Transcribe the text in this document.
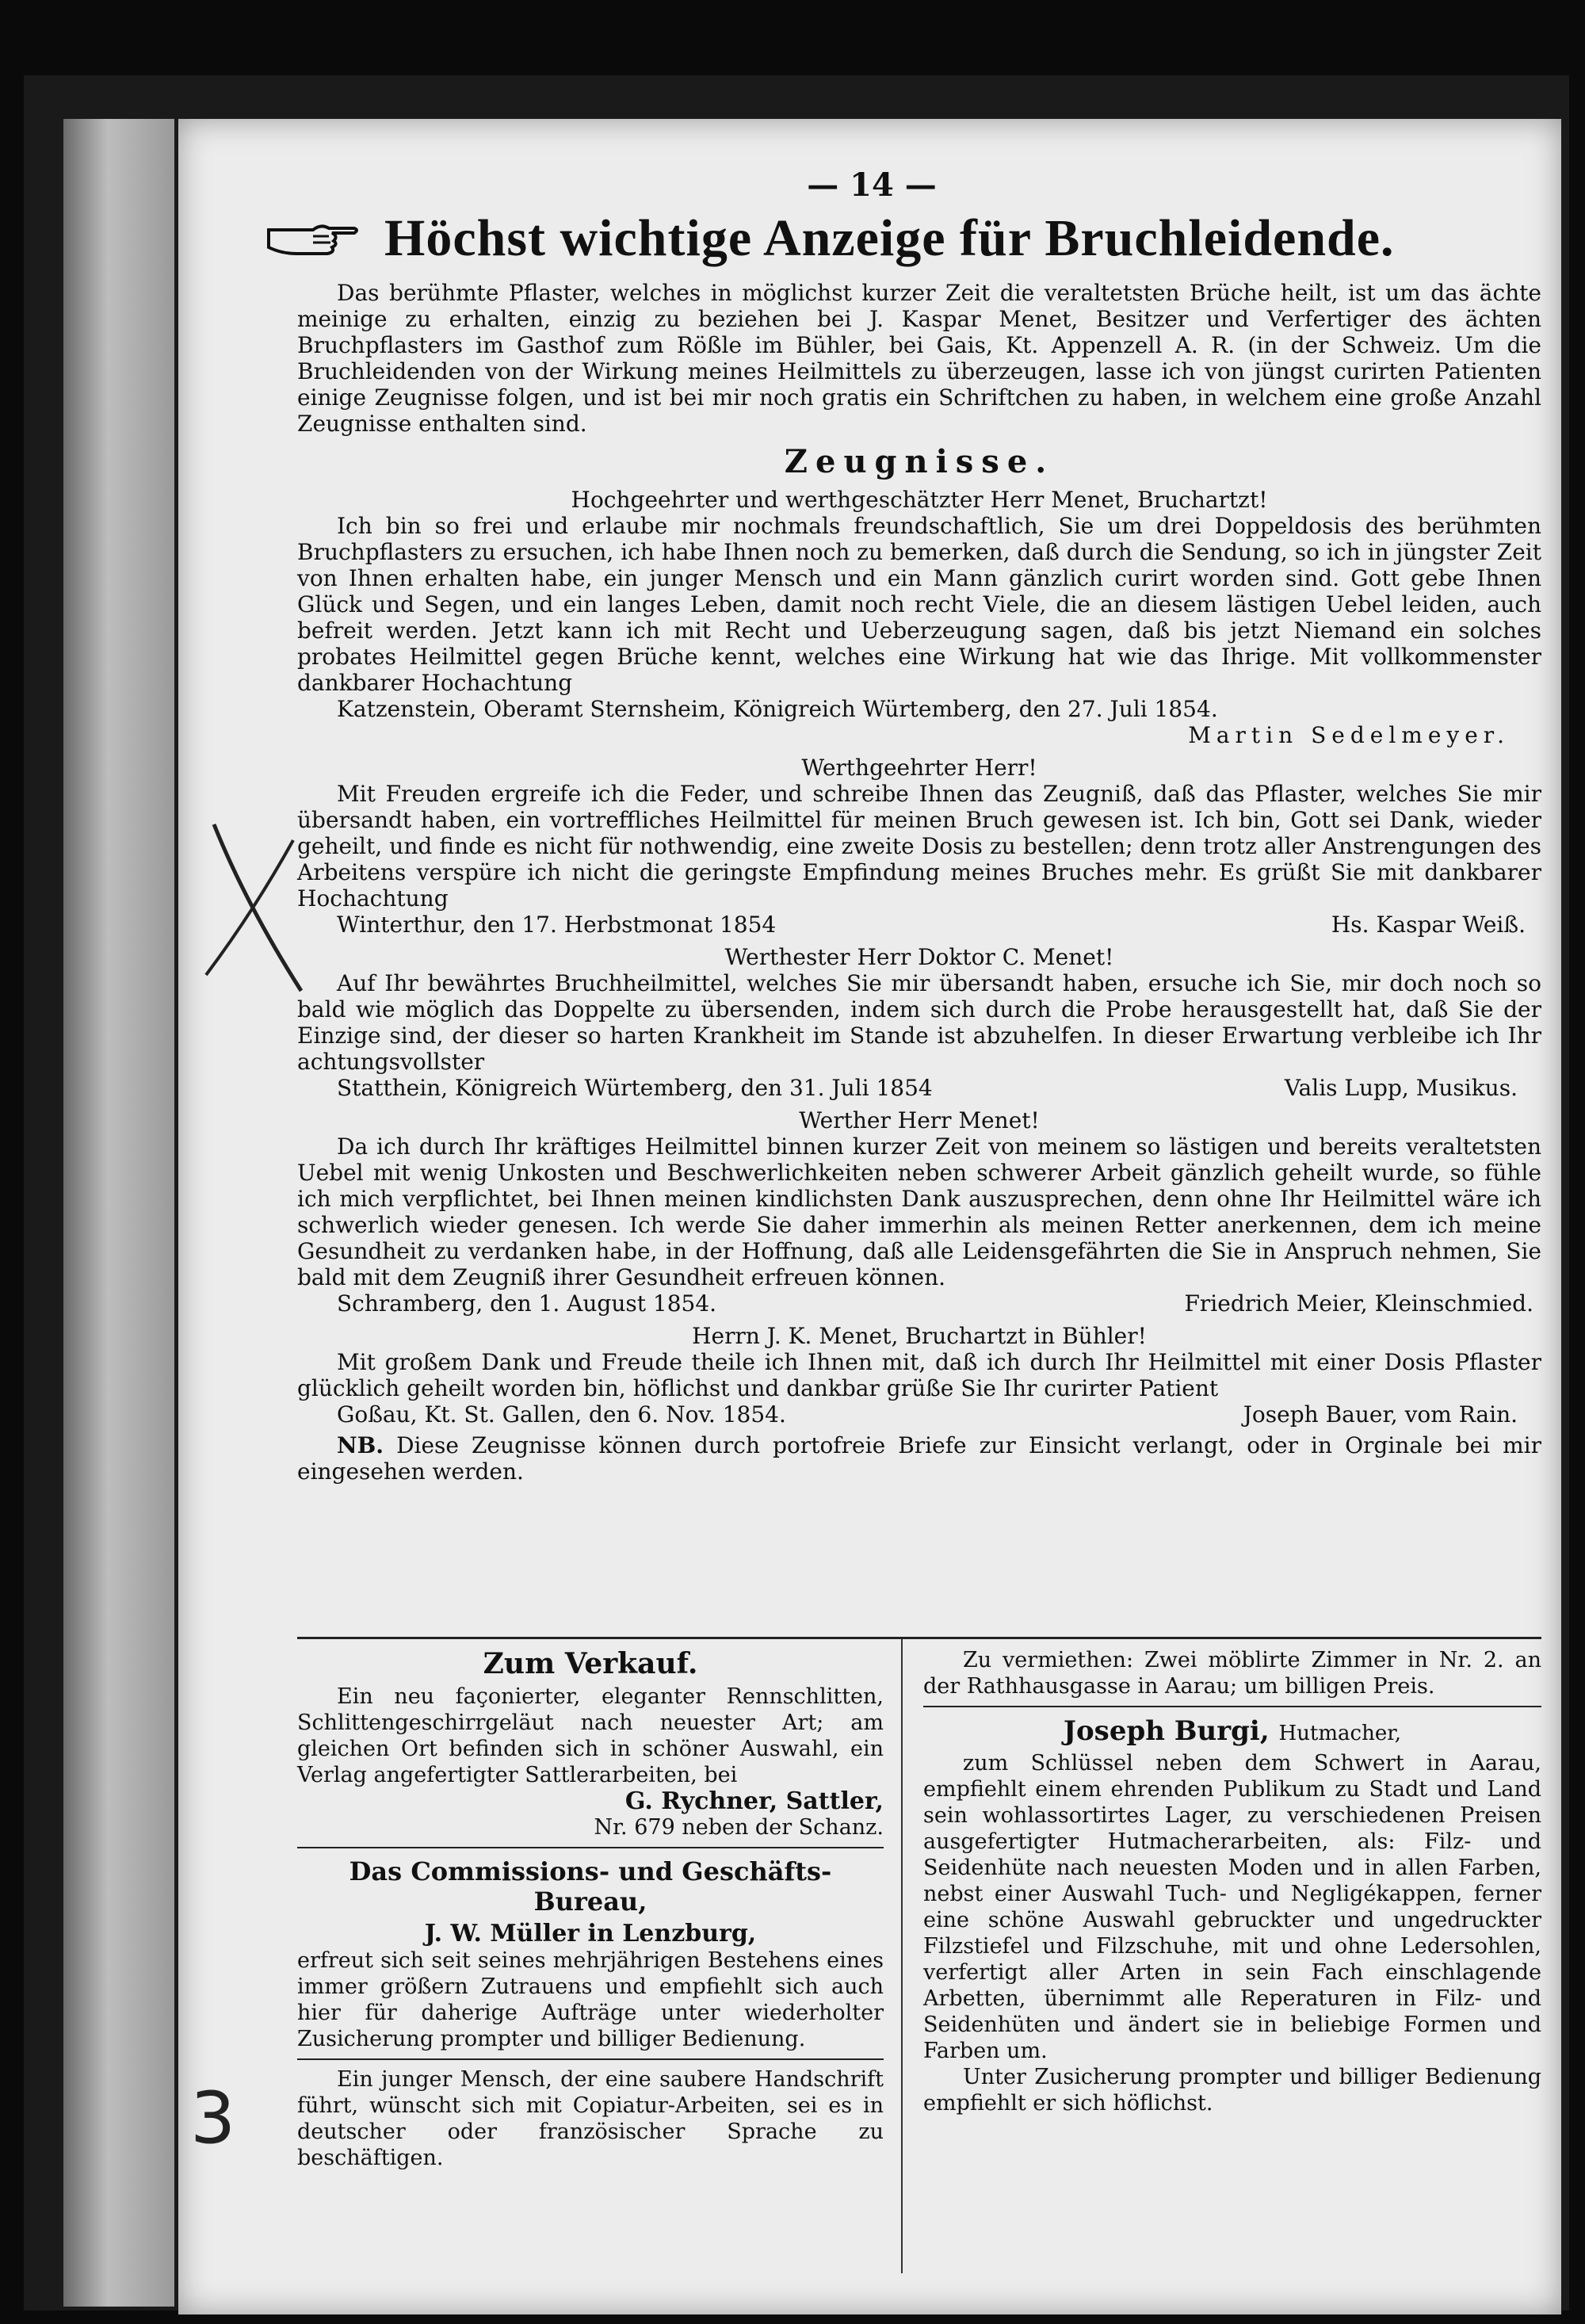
— 14 —
Höchst wichtige Anzeige für Bruchleidende.

Das berühmte Pflaster, welches in möglichst kurzer Zeit die veraltetsten Brüche heilt, ist um das ächte meinige zu erhalten, einzig zu beziehen bei J. Kaspar Menet, Besitzer und Verfertiger des ächten Bruchpflasters im Gasthof zum Rößle im Bühler, bei Gais, Kt. Appenzell A. R. (in der Schweiz. Um die Bruchleidenden von der Wirkung meines Heilmittels zu überzeugen, lasse ich von jüngst curirten Patienten einige Zeugnisse folgen, und ist bei mir noch gratis ein Schriftchen zu haben, in welchem eine große Anzahl Zeugnisse enthalten sind.

Zeugnisse.
Hochgeehrter und werthgeschätzter Herr Menet, Bruchartzt!

Ich bin so frei und erlaube mir nochmals freundschaftlich, Sie um drei Doppeldosis des berühmten Bruchpflasters zu ersuchen, ich habe Ihnen noch zu bemerken, daß durch die Sendung, so ich in jüngster Zeit von Ihnen erhalten habe, ein junger Mensch und ein Mann gänzlich curirt worden sind. Gott gebe Ihnen Glück und Segen, und ein langes Leben, damit noch recht Viele, die an diesem lästigen Uebel leiden, auch befreit werden. Jetzt kann ich mit Recht und Ueberzeugung sagen, daß bis jetzt Niemand ein solches probates Heilmittel gegen Brüche kennt, welches eine Wirkung hat wie das Ihrige. Mit vollkommenster dankbarer Hochachtung

Katzenstein, Oberamt Sternsheim, Königreich Würtemberg, den 27. Juli 1854.

Martin Sedelmeyer.
Werthgeehrter Herr!

Mit Freuden ergreife ich die Feder, und schreibe Ihnen das Zeugniß, daß das Pflaster, welches Sie mir übersandt haben, ein vortreffliches Heilmittel für meinen Bruch gewesen ist. Ich bin, Gott sei Dank, wieder geheilt, und finde es nicht für nothwendig, eine zweite Dosis zu bestellen; denn trotz aller Anstrengungen des Arbeitens verspüre ich nicht die geringste Empfindung meines Bruches mehr. Es grüßt Sie mit dankbarer Hochachtung

Winterthur, den 17. Herbstmonat 1854	Hs. Kaspar Weiß.
Werthester Herr Doktor C. Menet!

Auf Ihr bewährtes Bruchheilmittel, welches Sie mir übersandt haben, ersuche ich Sie, mir doch noch so bald wie möglich das Doppelte zu übersenden, indem sich durch die Probe herausgestellt hat, daß Sie der Einzige sind, der dieser so harten Krankheit im Stande ist abzuhelfen. In dieser Erwartung verbleibe ich Ihr achtungsvollster

Statthein, Königreich Würtemberg, den 31. Juli 1854	Valis Lupp, Musikus.
Werther Herr Menet!

Da ich durch Ihr kräftiges Heilmittel binnen kurzer Zeit von meinem so lästigen und bereits veraltetsten Uebel mit wenig Unkosten und Beschwerlichkeiten neben schwerer Arbeit gänzlich geheilt wurde, so fühle ich mich verpflichtet, bei Ihnen meinen kindlichsten Dank auszusprechen, denn ohne Ihr Heilmittel wäre ich schwerlich wieder genesen. Ich werde Sie daher immerhin als meinen Retter anerkennen, dem ich meine Gesundheit zu verdanken habe, in der Hoffnung, daß alle Leidensgefährten die Sie in Anspruch nehmen, Sie bald mit dem Zeugniß ihrer Gesundheit erfreuen können.

Schramberg, den 1. August 1854.	Friedrich Meier, Kleinschmied.
Herrn J. K. Menet, Bruchartzt in Bühler!

Mit großem Dank und Freude theile ich Ihnen mit, daß ich durch Ihr Heilmittel mit einer Dosis Pflaster glücklich geheilt worden bin, höflichst und dankbar grüße Sie Ihr curirter Patient

Goßau, Kt. St. Gallen, den 6. Nov. 1854.	Joseph Bauer, vom Rain.

NB. Diese Zeugnisse können durch portofreie Briefe zur Einsicht verlangt, oder in Orginale bei mir eingesehen werden.

Zum Verkauf.

Ein neu façonierter, eleganter Rennschlitten, Schlittengeschirrgeläut nach neuester Art; am gleichen Ort befinden sich in schöner Auswahl, ein Verlag angefertigter Sattlerarbeiten, bei

G. Rychner, Sattler,

Nr. 679 neben der Schanz.

Das Commissions- und Geschäfts-Bureau,
J. W. Müller in Lenzburg,

erfreut sich seit seines mehrjährigen Bestehens eines immer größern Zutrauens und empfiehlt sich auch hier für daherige Aufträge unter wiederholter Zusicherung prompter und billiger Bedienung.

Ein junger Mensch, der eine saubere Handschrift führt, wünscht sich mit Copiatur-Arbeiten, sei es in deutscher oder französischer Sprache zu beschäftigen.

Zu vermiethen: Zwei möblirte Zimmer in Nr. 2. an der Rathhausgasse in Aarau; um billigen Preis.

Joseph Burgi, Hutmacher,

zum Schlüssel neben dem Schwert in Aarau, empfiehlt einem ehrenden Publikum zu Stadt und Land sein wohlassortirtes Lager, zu verschiedenen Preisen ausgefertigter Hutmacherarbeiten, als: Filz- und Seidenhüte nach neuesten Moden und in allen Farben, nebst einer Auswahl Tuch- und Negligékappen, ferner eine schöne Auswahl gebruckter und ungedruckter Filzstiefel und Filzschuhe, mit und ohne Ledersohlen, verfertigt aller Arten in sein Fach einschlagende Arbetten, übernimmt alle Reperaturen in Filz- und Seidenhüten und ändert sie in beliebige Formen und Farben um.

Unter Zusicherung prompter und billiger Bedienung empfiehlt er sich höflichst.

3
